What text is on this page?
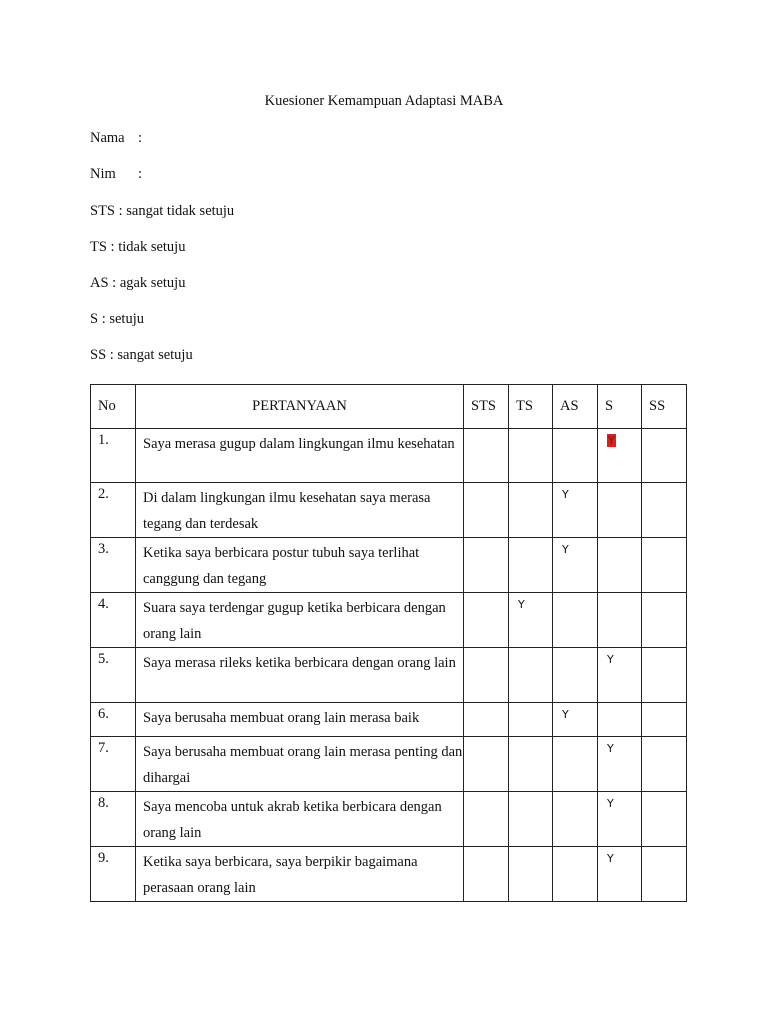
Kuesioner Kemampuan Adaptasi MABA
Nama :
Nim :
STS : sangat tidak setuju
TS : tidak setuju
AS : agak setuju
S : setuju
SS : sangat setuju
No	PERTANYAAN	STS	TS	AS	S	SS
1.	Saya merasa gugup dalam lingkungan ilmu kesehatan				Y	
2.	Di dalam lingkungan ilmu kesehatan saya merasa tegang dan terdesak			Y		
3.	Ketika saya berbicara postur tubuh saya terlihat canggung dan tegang			Y		
4.	Suara saya terdengar gugup ketika berbicara dengan orang lain		Y			
5.	Saya merasa rileks ketika berbicara dengan orang lain				Y	
6.	Saya berusaha membuat orang lain merasa baik			Y		
7.	Saya berusaha membuat orang lain merasa penting dan dihargai				Y	
8.	Saya mencoba untuk akrab ketika berbicara dengan orang lain				Y	
9.	Ketika saya berbicara, saya berpikir bagaimana perasaan orang lain				Y	
